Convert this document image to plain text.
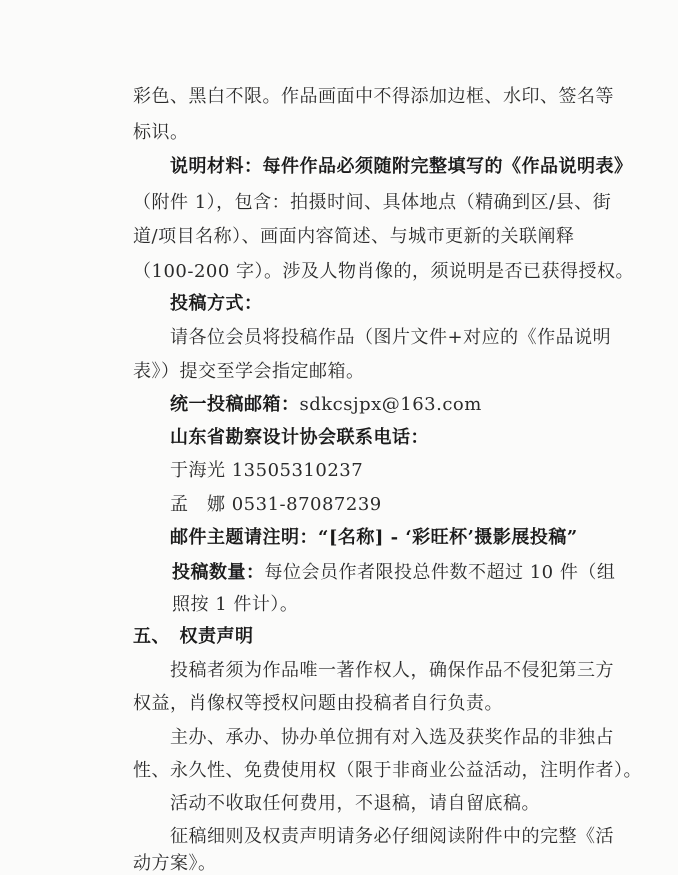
彩色、黑白不限。作品画面中不得添加边框、水印、签名等
标识。
说明材料：每件作品必须随附完整填写的《作品说明表》
（附件 1），包含：拍摄时间、具体地点（精确到区/县、街
道/项目名称）、画面内容简述、与城市更新的关联阐释
（100-200 字）。涉及人物肖像的，须说明是否已获得授权。
投稿方式：
请各位会员将投稿作品（图片文件+对应的《作品说明
表》）提交至学会指定邮箱。
统一投稿邮箱：sdkcsjpx@163.com
山东省勘察设计协会联系电话：
于海光 13505310237
孟　娜 0531-87087239
邮件主题请注明：“[名称] - ‘彩旺杯’摄影展投稿”
投稿数量：每位会员作者限投总件数不超过 10 件（组
照按 1 件计）。
五、　权责声明
投稿者须为作品唯一著作权人，确保作品不侵犯第三方
权益，肖像权等授权问题由投稿者自行负责。
主办、承办、协办单位拥有对入选及获奖作品的非独占
性、永久性、免费使用权（限于非商业公益活动，注明作者）。
活动不收取任何费用，不退稿，请自留底稿。
征稿细则及权责声明请务必仔细阅读附件中的完整《活
动方案》。
